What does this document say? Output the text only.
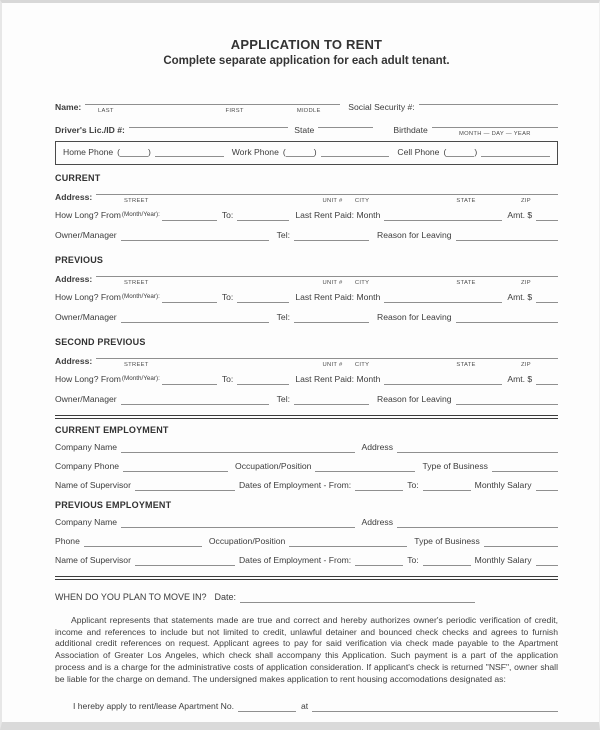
APPLICATION TO RENT
Complete separate application for each adult tenant.
Name:	LAST	FIRST	MIDDLE	Social Security #:
Driver's Lic./ID #:	State	Birthdate	MONTH — DAY — YEAR
Home Phone (	)	Work Phone (	)	Cell Phone (	)
CURRENT
Address:	STREET	UNIT # CITY	STATE	ZIP
How Long? From (Month/Year):	To:	Last Rent Paid: Month	Amt. $
Owner/Manager	Tel:	Reason for Leaving
PREVIOUS
Address:	STREET	UNIT # CITY	STATE	ZIP
How Long? From (Month/Year):	To:	Last Rent Paid: Month	Amt. $
Owner/Manager	Tel:	Reason for Leaving
SECOND PREVIOUS
Address:	STREET	UNIT # CITY	STATE	ZIP
How Long? From (Month/Year):	To:	Last Rent Paid: Month	Amt. $
Owner/Manager	Tel:	Reason for Leaving
CURRENT EMPLOYMENT
Company Name	Address
Company Phone	Occupation/Position	Type of Business
Name of Supervisor	Dates of Employment - From:	To:	Monthly Salary
PREVIOUS EMPLOYMENT
Company Name	Address
Phone	Occupation/Position	Type of Business
Name of Supervisor	Dates of Employment - From:	To:	Monthly Salary
WHEN DO YOU PLAN TO MOVE IN? Date:
Applicant represents that statements made are true and correct and hereby authorizes owner's periodic verification of credit, income and references to include but not limited to credit, unlawful detainer and bounced check checks and agrees to furnish additional credit references on request. Applicant agrees to pay for said verification via check made payable to the Apartment Association of Greater Los Angeles, which check shall accompany this Application. Such payment is a part of the application process and is a charge for the administrative costs of application consideration. If applicant's check is returned "NSF", owner shall be liable for the charge on demand. The undersigned makes application to rent housing accomodations designated as:
I hereby apply to rent/lease Apartment No.	at
